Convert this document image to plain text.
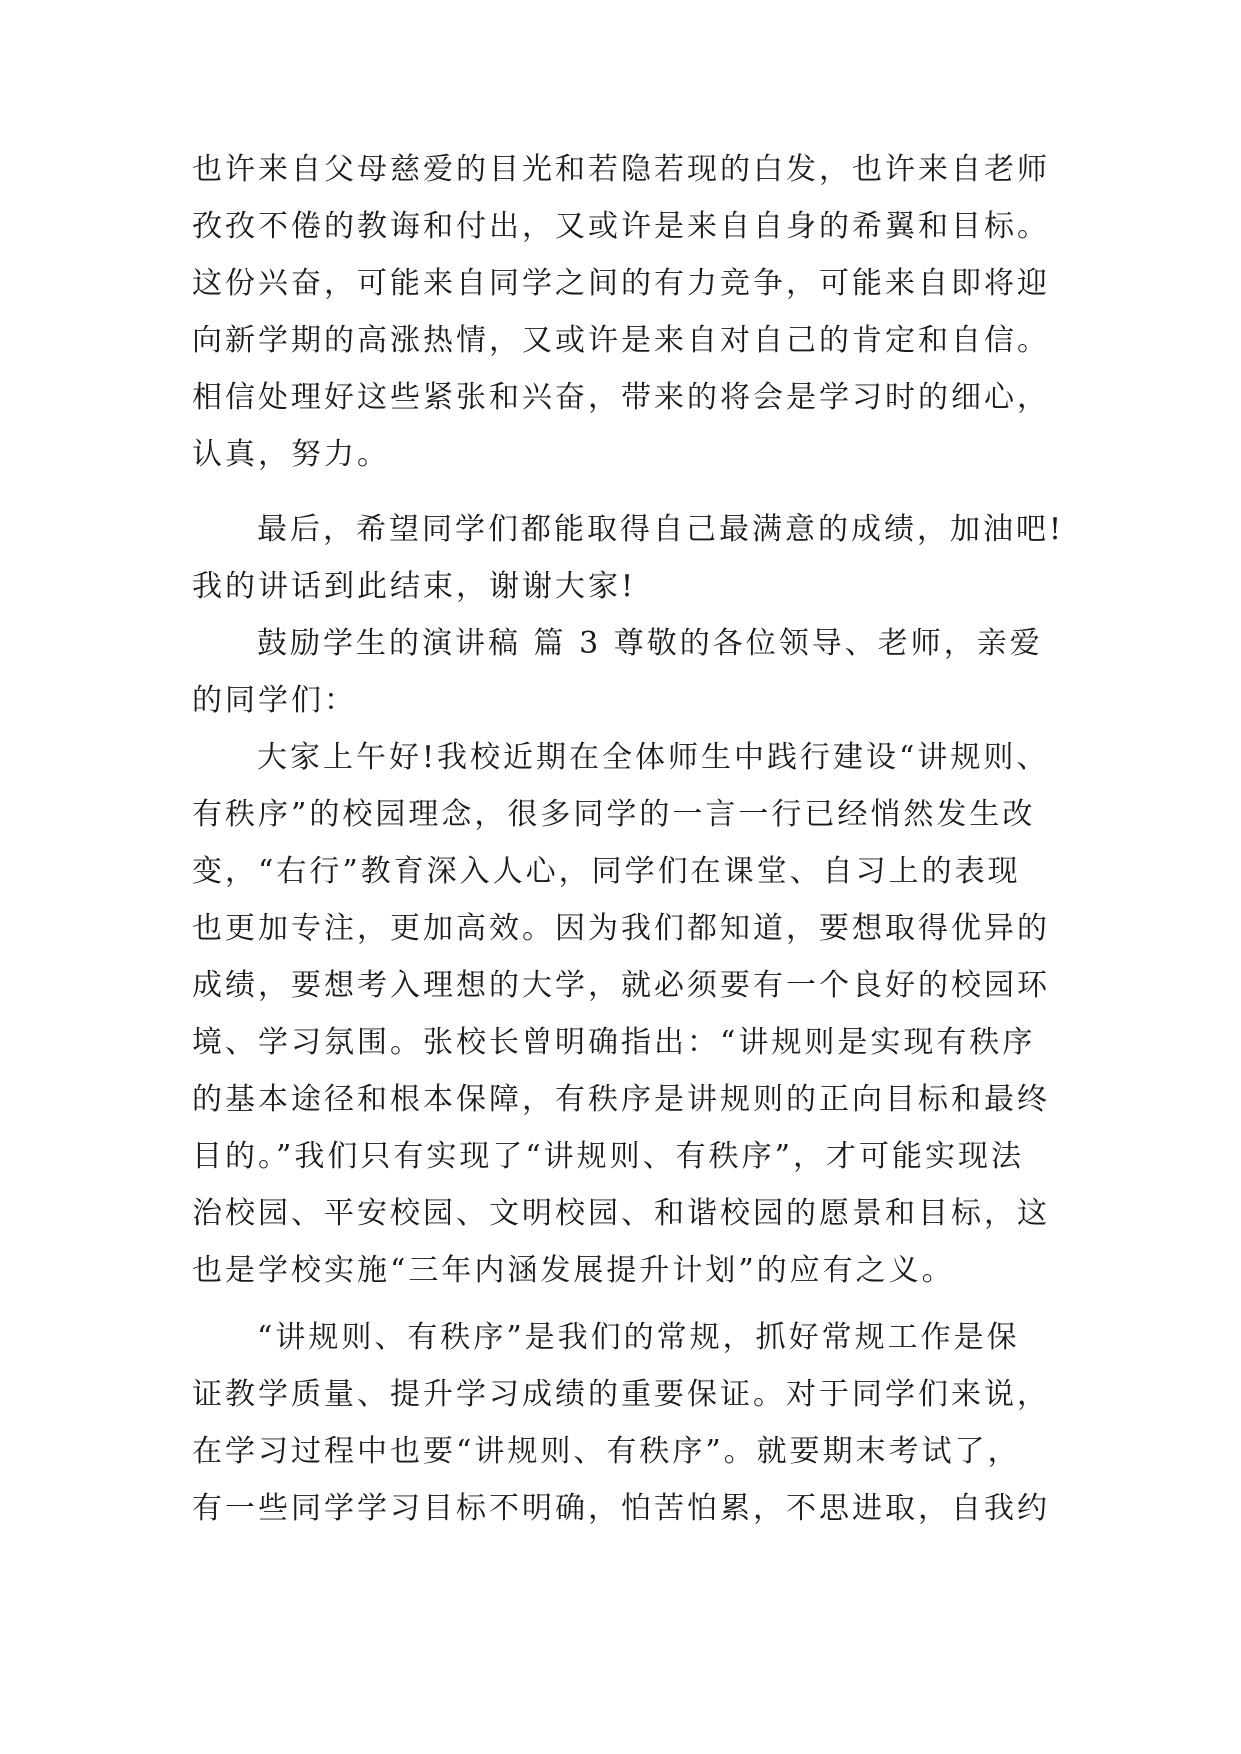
也许来自父母慈爱的目光和若隐若现的白发，也许来自老师
孜孜不倦的教诲和付出，又或许是来自自身的希翼和目标。
这份兴奋，可能来自同学之间的有力竞争，可能来自即将迎
向新学期的高涨热情，又或许是来自对自己的肯定和自信。
相信处理好这些紧张和兴奋，带来的将会是学习时的细心，
认真，努力。
最后，希望同学们都能取得自己最满意的成绩，加油吧!
我的讲话到此结束，谢谢大家!
鼓励学生的演讲稿 篇 3 尊敬的各位领导、老师，亲爱
的同学们：
大家上午好!我校近期在全体师生中践行建设“讲规则、
有秩序”的校园理念，很多同学的一言一行已经悄然发生改
变，“右行”教育深入人心，同学们在课堂、自习上的表现
也更加专注，更加高效。因为我们都知道，要想取得优异的
成绩，要想考入理想的大学，就必须要有一个良好的校园环
境、学习氛围。张校长曾明确指出：“讲规则是实现有秩序
的基本途径和根本保障，有秩序是讲规则的正向目标和最终
目的。”我们只有实现了“讲规则、有秩序”，才可能实现法
治校园、平安校园、文明校园、和谐校园的愿景和目标，这
也是学校实施“三年内涵发展提升计划”的应有之义。
“讲规则、有秩序”是我们的常规，抓好常规工作是保
证教学质量、提升学习成绩的重要保证。对于同学们来说，
在学习过程中也要“讲规则、有秩序”。就要期末考试了，
有一些同学学习目标不明确，怕苦怕累，不思进取，自我约
